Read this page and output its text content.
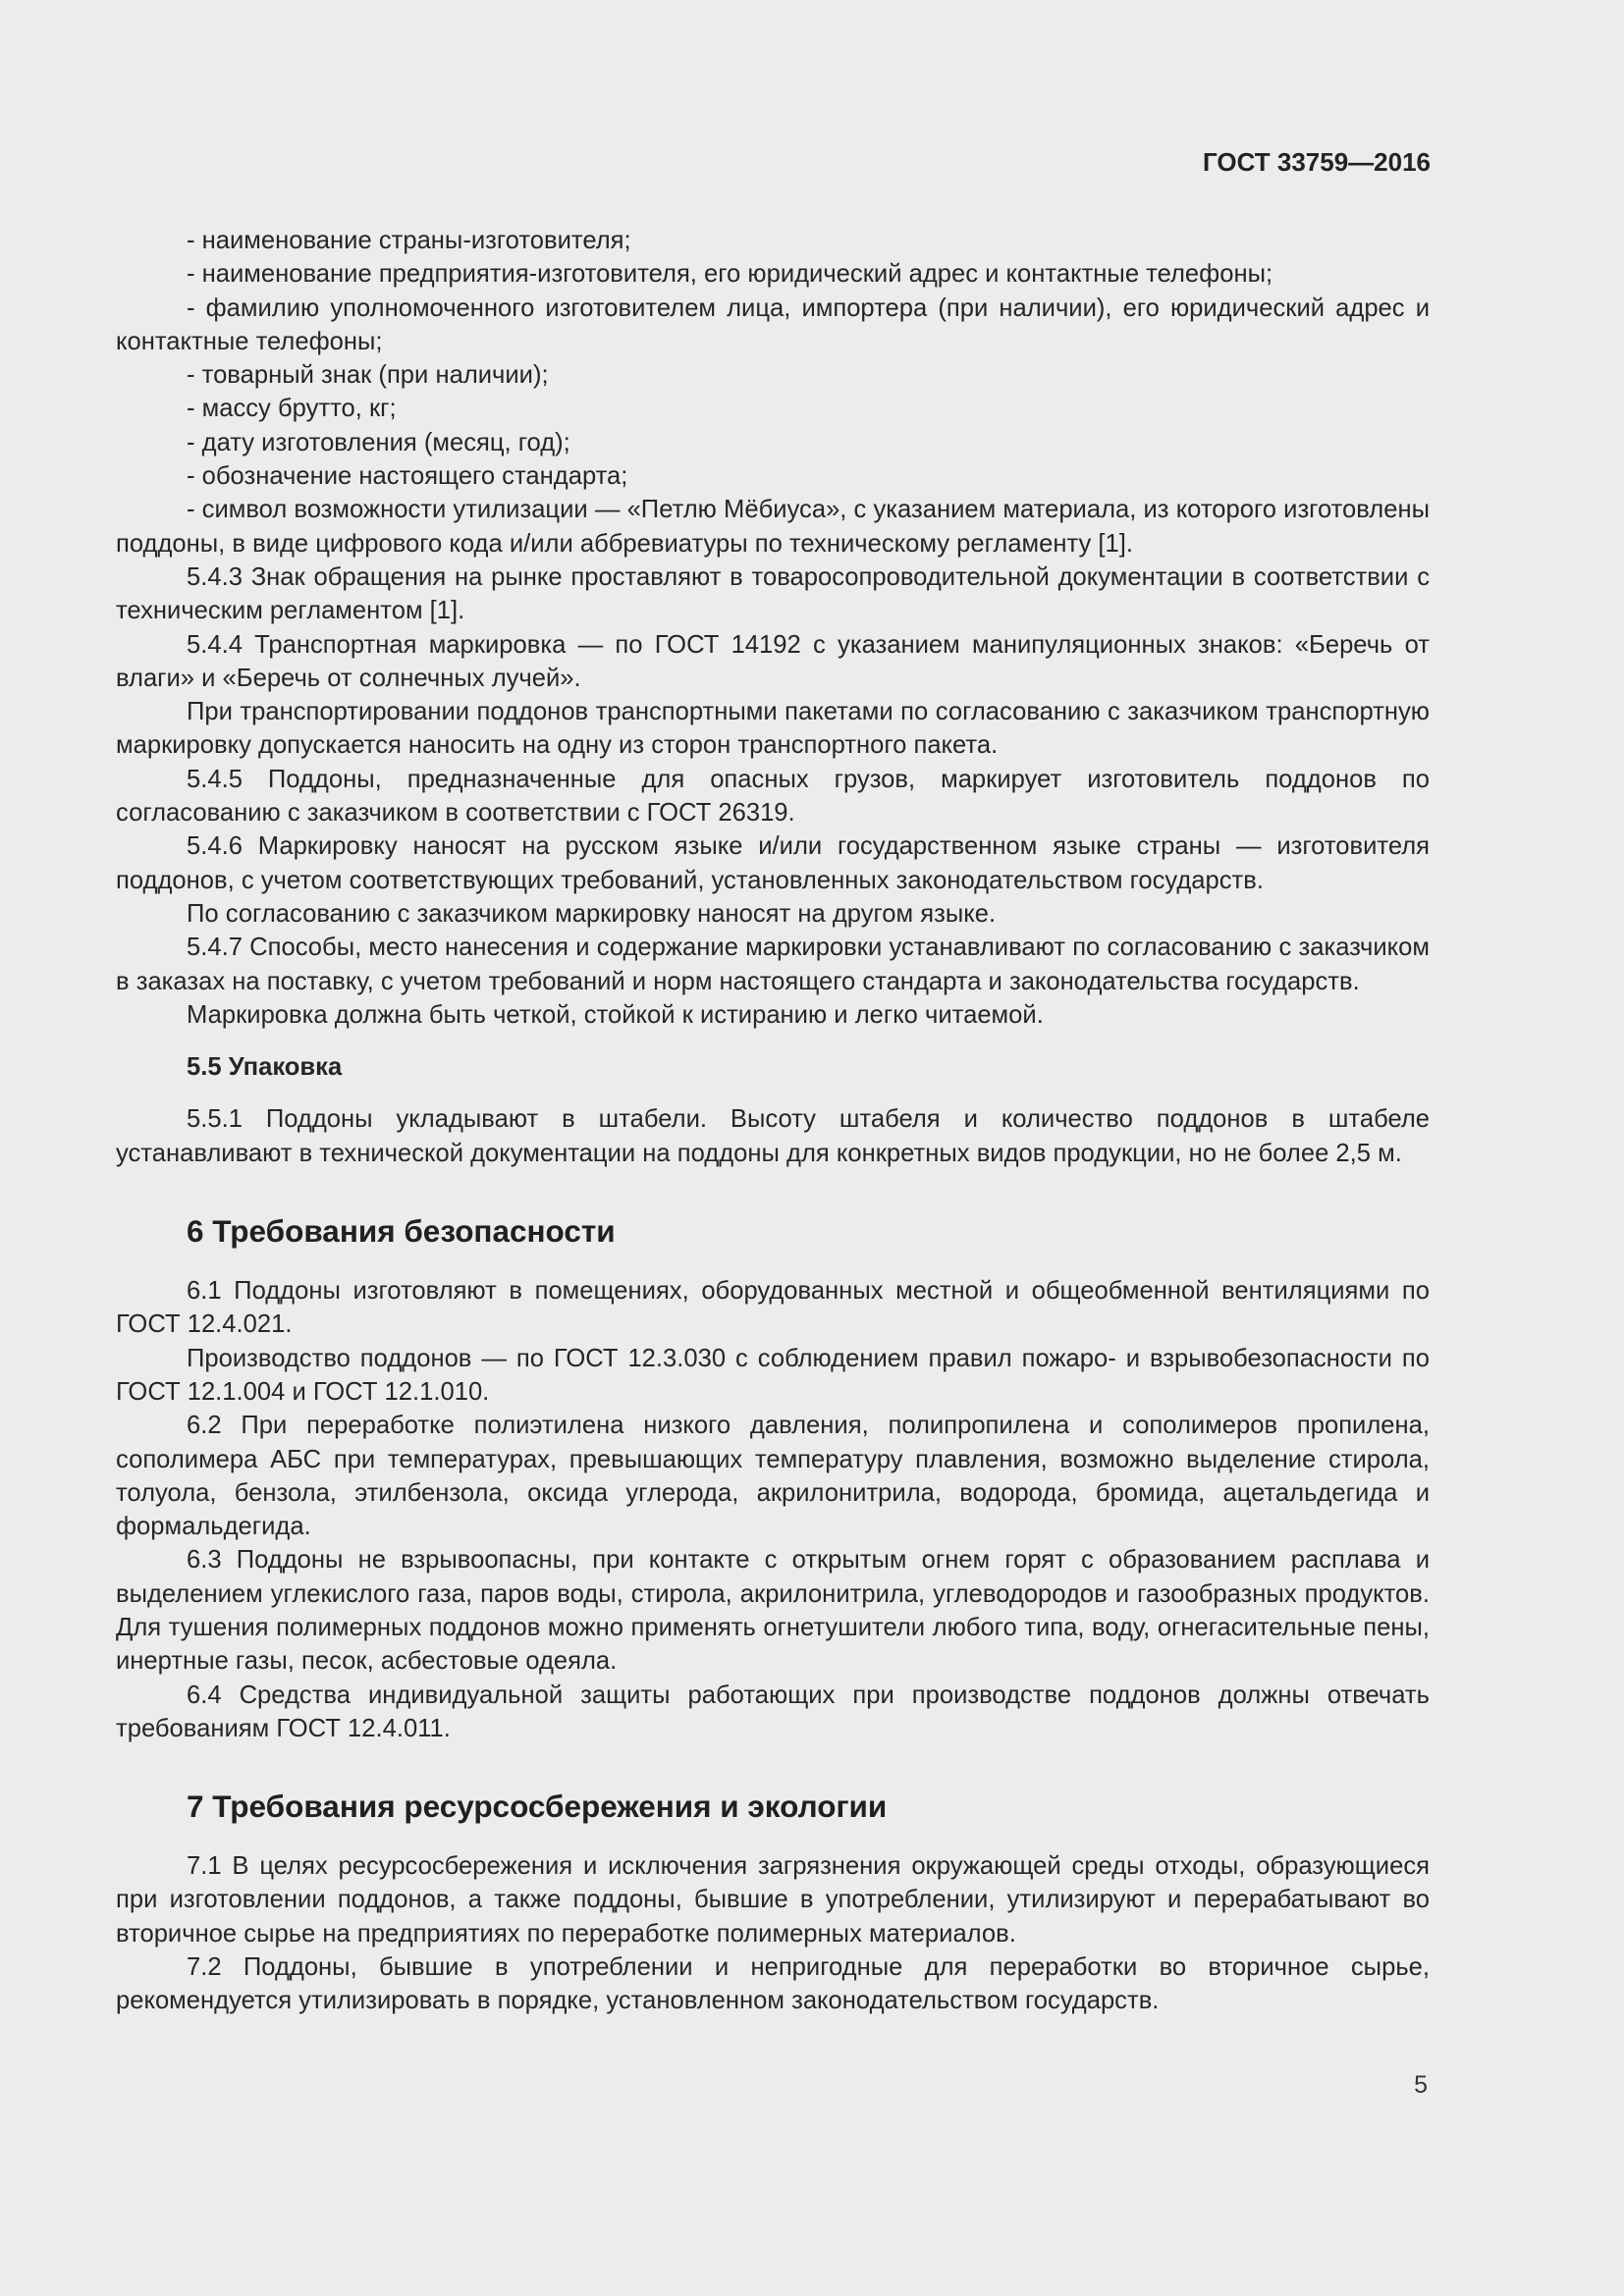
ГОСТ 33759—2016

- наименование страны-изготовителя;

- наименование предприятия-изготовителя, его юридический адрес и контактные телефоны;

- фамилию уполномоченного изготовителем лица, импортера (при наличии), его юридический адрес и контактные телефоны;

- товарный знак (при наличии);

- массу брутто, кг;

- дату изготовления (месяц, год);

- обозначение настоящего стандарта;

- символ возможности утилизации — «Петлю Мёбиуса», с указанием материала, из которого изготовлены поддоны, в виде цифрового кода и/или аббревиатуры по техническому регламенту [1].

5.4.3 Знак обращения на рынке проставляют в товаросопроводительной документации в соответствии с техническим регламентом [1].

5.4.4 Транспортная маркировка — по ГОСТ 14192 с указанием манипуляционных знаков: «Беречь от влаги» и «Беречь от солнечных лучей».

При транспортировании поддонов транспортными пакетами по согласованию с заказчиком транспортную маркировку допускается наносить на одну из сторон транспортного пакета.

5.4.5 Поддоны, предназначенные для опасных грузов, маркирует изготовитель поддонов по согласованию с заказчиком в соответствии с ГОСТ 26319.

5.4.6 Маркировку наносят на русском языке и/или государственном языке страны — изготовителя поддонов, с учетом соответствующих требований, установленных законодательством государств.

По согласованию с заказчиком маркировку наносят на другом языке.

5.4.7 Способы, место нанесения и содержание маркировки устанавливают по согласованию с заказчиком в заказах на поставку, с учетом требований и норм настоящего стандарта и законодательства государств.

Маркировка должна быть четкой, стойкой к истиранию и легко читаемой.

5.5 Упаковка

5.5.1 Поддоны укладывают в штабели. Высоту штабеля и количество поддонов в штабеле устанавливают в технической документации на поддоны для конкретных видов продукции, но не более 2,5 м.

6 Требования безопасности

6.1 Поддоны изготовляют в помещениях, оборудованных местной и общеобменной вентиляциями по ГОСТ 12.4.021.

Производство поддонов — по ГОСТ 12.3.030 с соблюдением правил пожаро- и взрывобезопасности по ГОСТ 12.1.004 и ГОСТ 12.1.010.

6.2 При переработке полиэтилена низкого давления, полипропилена и сополимеров пропилена, сополимера АБС при температурах, превышающих температуру плавления, возможно выделение стирола, толуола, бензола, этилбензола, оксида углерода, акрилонитрила, водорода, бромида, ацетальдегида и формальдегида.

6.3 Поддоны не взрывоопасны, при контакте с открытым огнем горят с образованием расплава и выделением углекислого газа, паров воды, стирола, акрилонитрила, углеводородов и газообразных продуктов. Для тушения полимерных поддонов можно применять огнетушители любого типа, воду, огнегасительные пены, инертные газы, песок, асбестовые одеяла.

6.4 Средства индивидуальной защиты работающих при производстве поддонов должны отвечать требованиям ГОСТ 12.4.011.

7 Требования ресурсосбережения и экологии

7.1 В целях ресурсосбережения и исключения загрязнения окружающей среды отходы, образующиеся при изготовлении поддонов, а также поддоны, бывшие в употреблении, утилизируют и перерабатывают во вторичное сырье на предприятиях по переработке полимерных материалов.

7.2 Поддоны, бывшие в употреблении и непригодные для переработки во вторичное сырье, рекомендуется утилизировать в порядке, установленном законодательством государств.

5
